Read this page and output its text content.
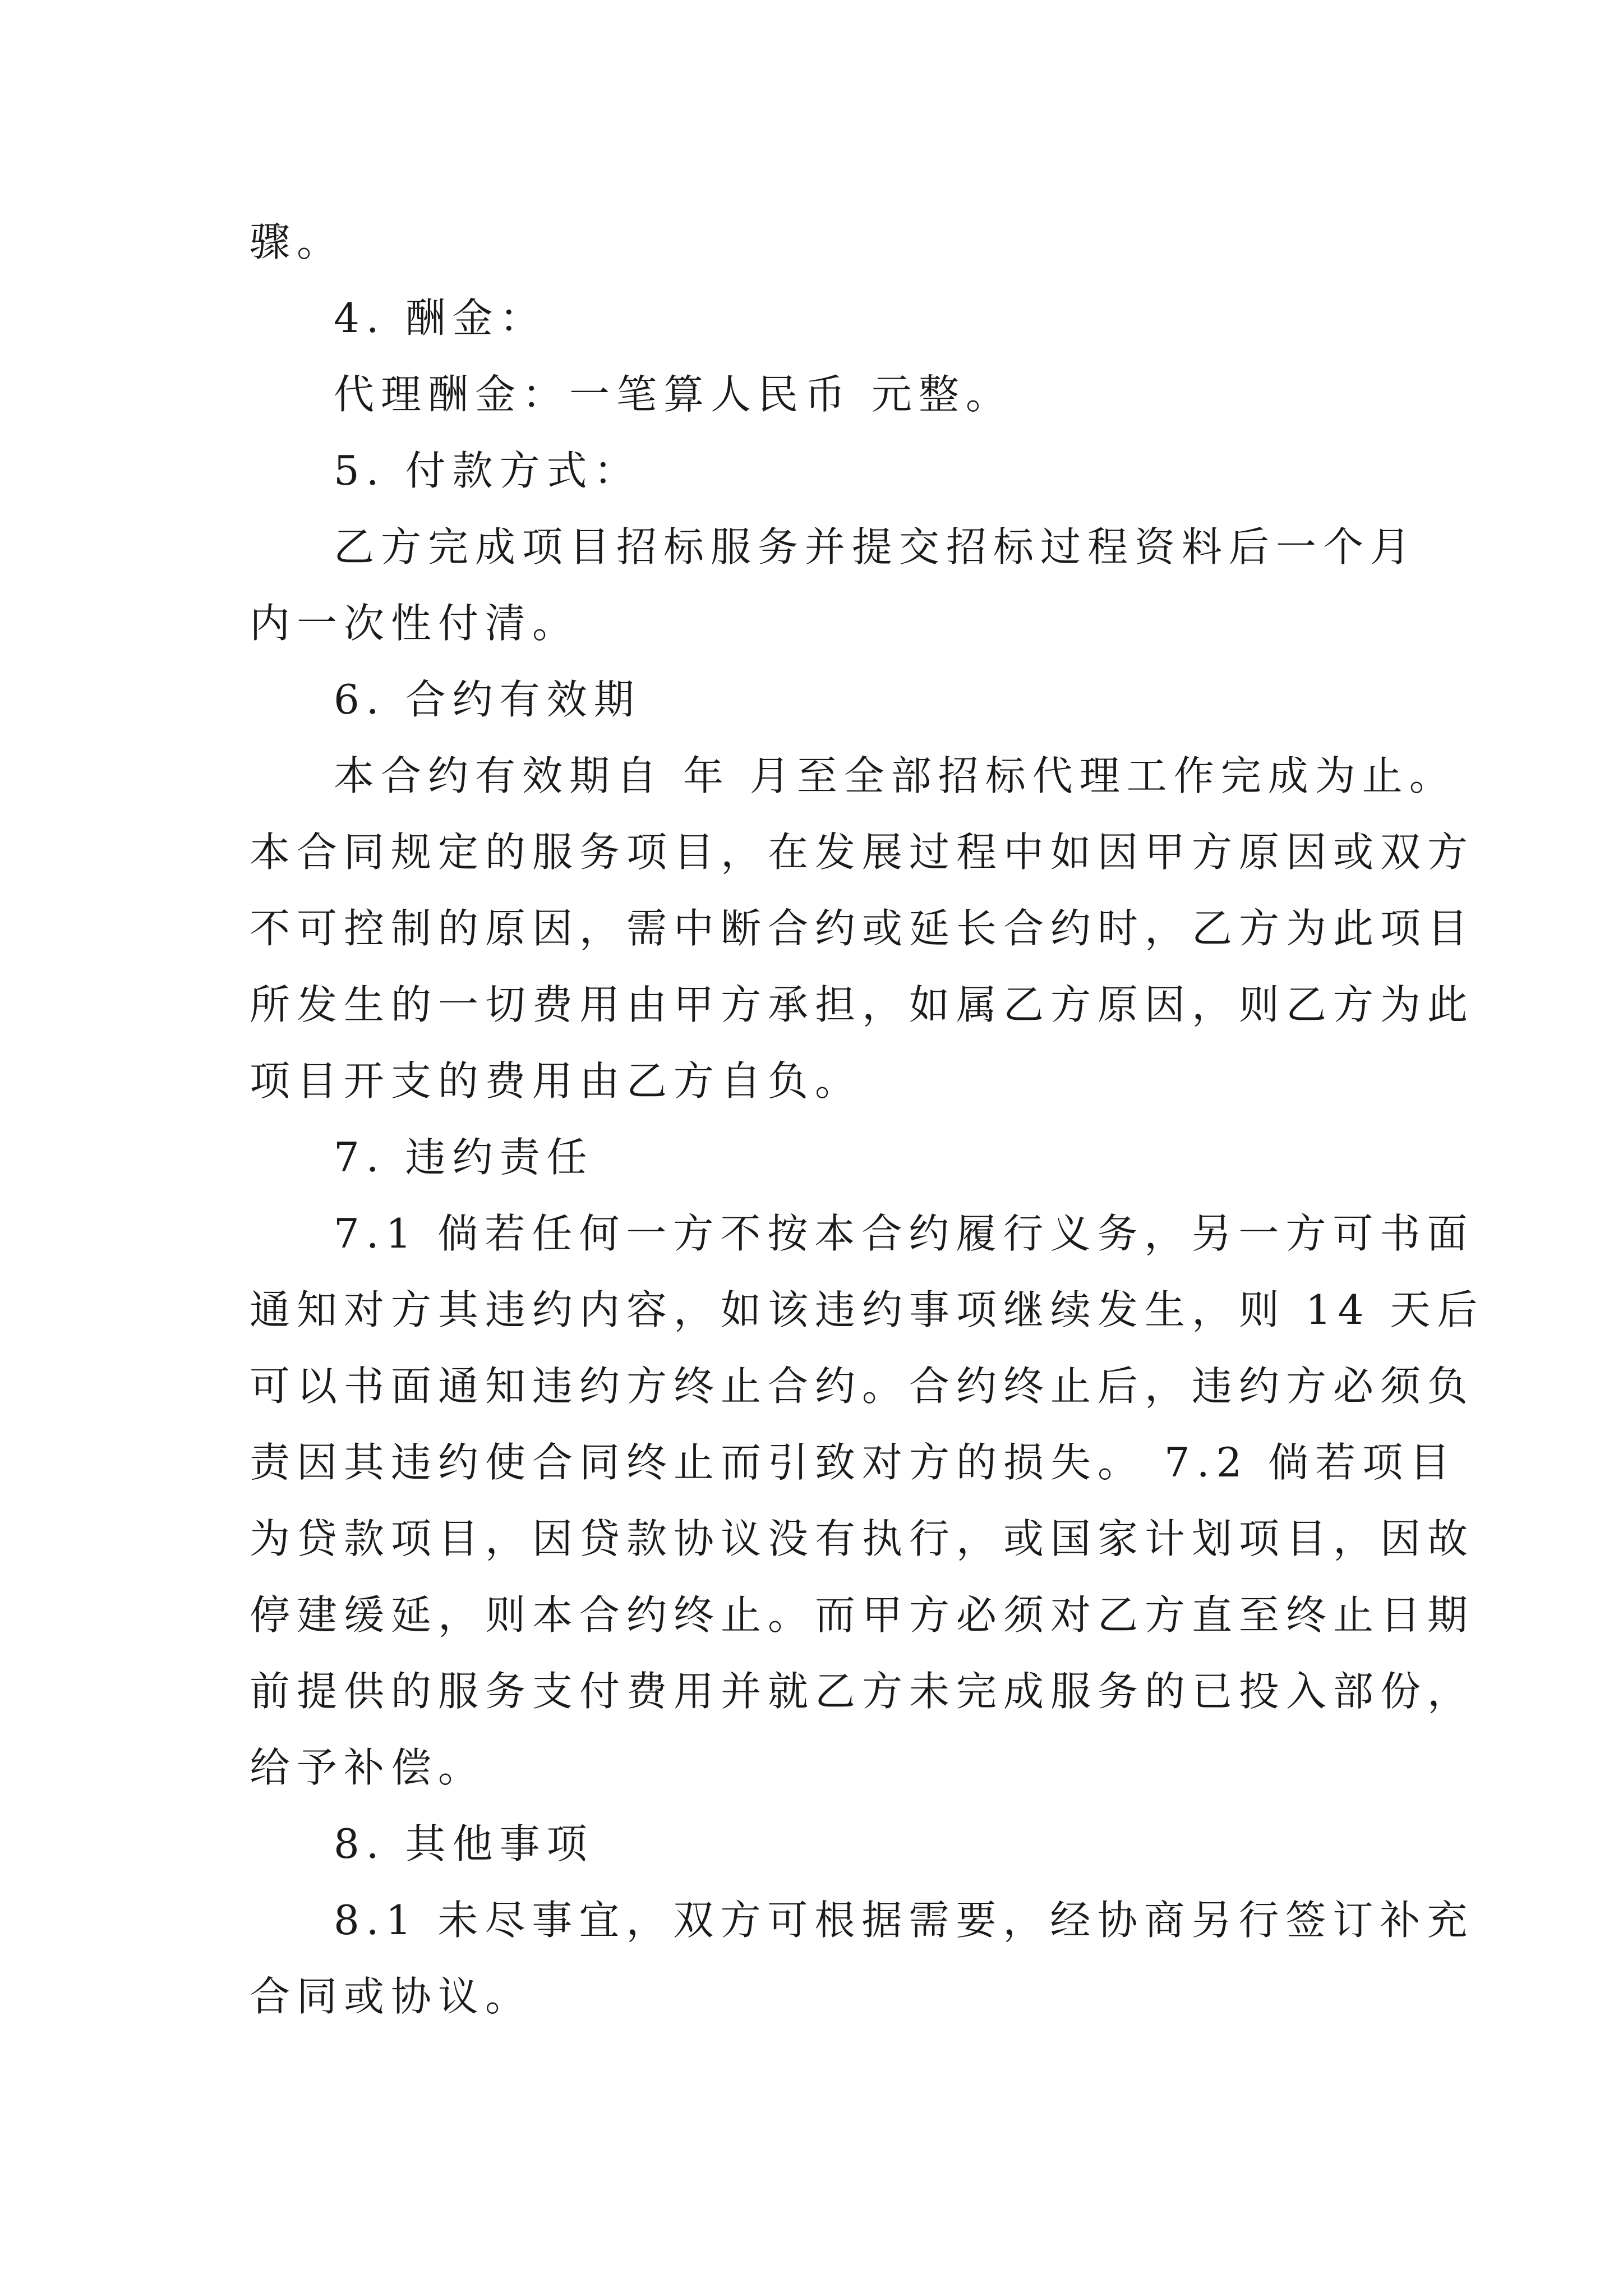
骤。

4. 酬金：

代理酬金：一笔算人民币 元整。

5. 付款方式：

乙方完成项目招标服务并提交招标过程资料后一个月

内一次性付清。

6. 合约有效期

本合约有效期自 年 月至全部招标代理工作完成为止。

本合同规定的服务项目，在发展过程中如因甲方原因或双方

不可控制的原因，需中断合约或延长合约时，乙方为此项目

所发生的一切费用由甲方承担，如属乙方原因，则乙方为此

项目开支的费用由乙方自负。

7. 违约责任

7.1 倘若任何一方不按本合约履行义务，另一方可书面

通知对方其违约内容，如该违约事项继续发生，则 14 天后

可以书面通知违约方终止合约。合约终止后，违约方必须负

责因其违约使合同终止而引致对方的损失。 7.2 倘若项目

为贷款项目，因贷款协议没有执行，或国家计划项目，因故

停建缓延，则本合约终止。而甲方必须对乙方直至终止日期

前提供的服务支付费用并就乙方未完成服务的已投入部份，

给予补偿。

8. 其他事项

8.1 未尽事宜，双方可根据需要，经协商另行签订补充

合同或协议。
